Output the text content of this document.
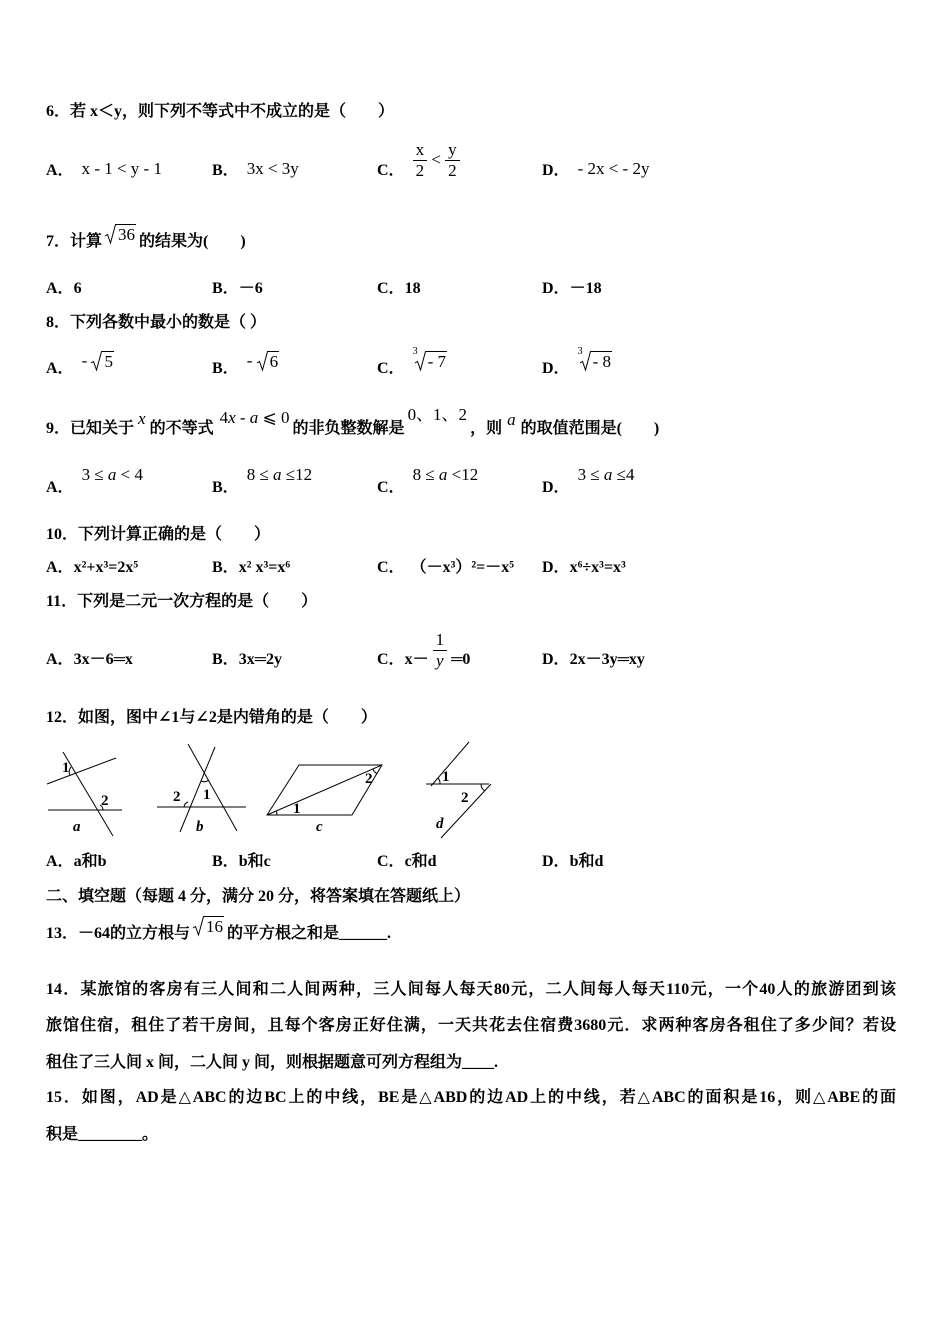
6．若 x＜y，则下列不等式中不成立的是（　　）
A． x - 1 < y - 1	B． 3x < 3y	C． $\frac{x}{2} < \frac{y}{2}$	D． - 2x < - 2y
7．计算 36 的结果为(　　)
A． 6	B． －6	C． 18	D． －18
8．下列各数中最小的数是（ ）
A． - 5	B． - 6	C．
3
- 7	D．
3
- 8
9．已知关于
x
的不等式
4 x - a ⩽ 0
的非负整数解是
0、1、2
，则 a 的取值范围是(　　)
A．
3 ≤ a < 4
B．
8 ≤ a ≤12
C．
8 ≤ a <12
D．
3 ≤ a ≤4
10．下列计算正确的是（　　）
A． x²+x³=2x⁵	B． x² x³=x⁶	C． （－x³）²=－x⁵ D． x⁶÷x³=x³
11．下列是二元一次方程的是（　　）
A． 3x－6═x	B． 3x═2y	C． $x- \frac{1}{y}$ ═0	D． 2x－3y═xy
12．如图，图中∠1与∠2是内错角的是（　　）
1
2
a
1
2
b
1
2
c
1
2
d
A． a和b	B． b和c	C． c和d	D． b和d
二、填空题（每题 4 分，满分 20 分，将答案填在答题纸上）
13．－64的立方根与 16 的平方根之和是______.
14．某旅馆的客房有三人间和二人间两种，三人间每人每天80元，二人间每人每天110元，一个40人的旅游团到该
旅馆住宿，租住了若干房间，且每个客房正好住满，一天共花去住宿费3680元．求两种客房各租住了多少间？若设
租住了三人间 x 间，二人间 y 间，则根据题意可列方程组为____.
15．如图，AD是△ABC的边BC上的中线，BE是△ABD的边AD上的中线，若△ABC的面积是16，则△ABE的面
积是________。
